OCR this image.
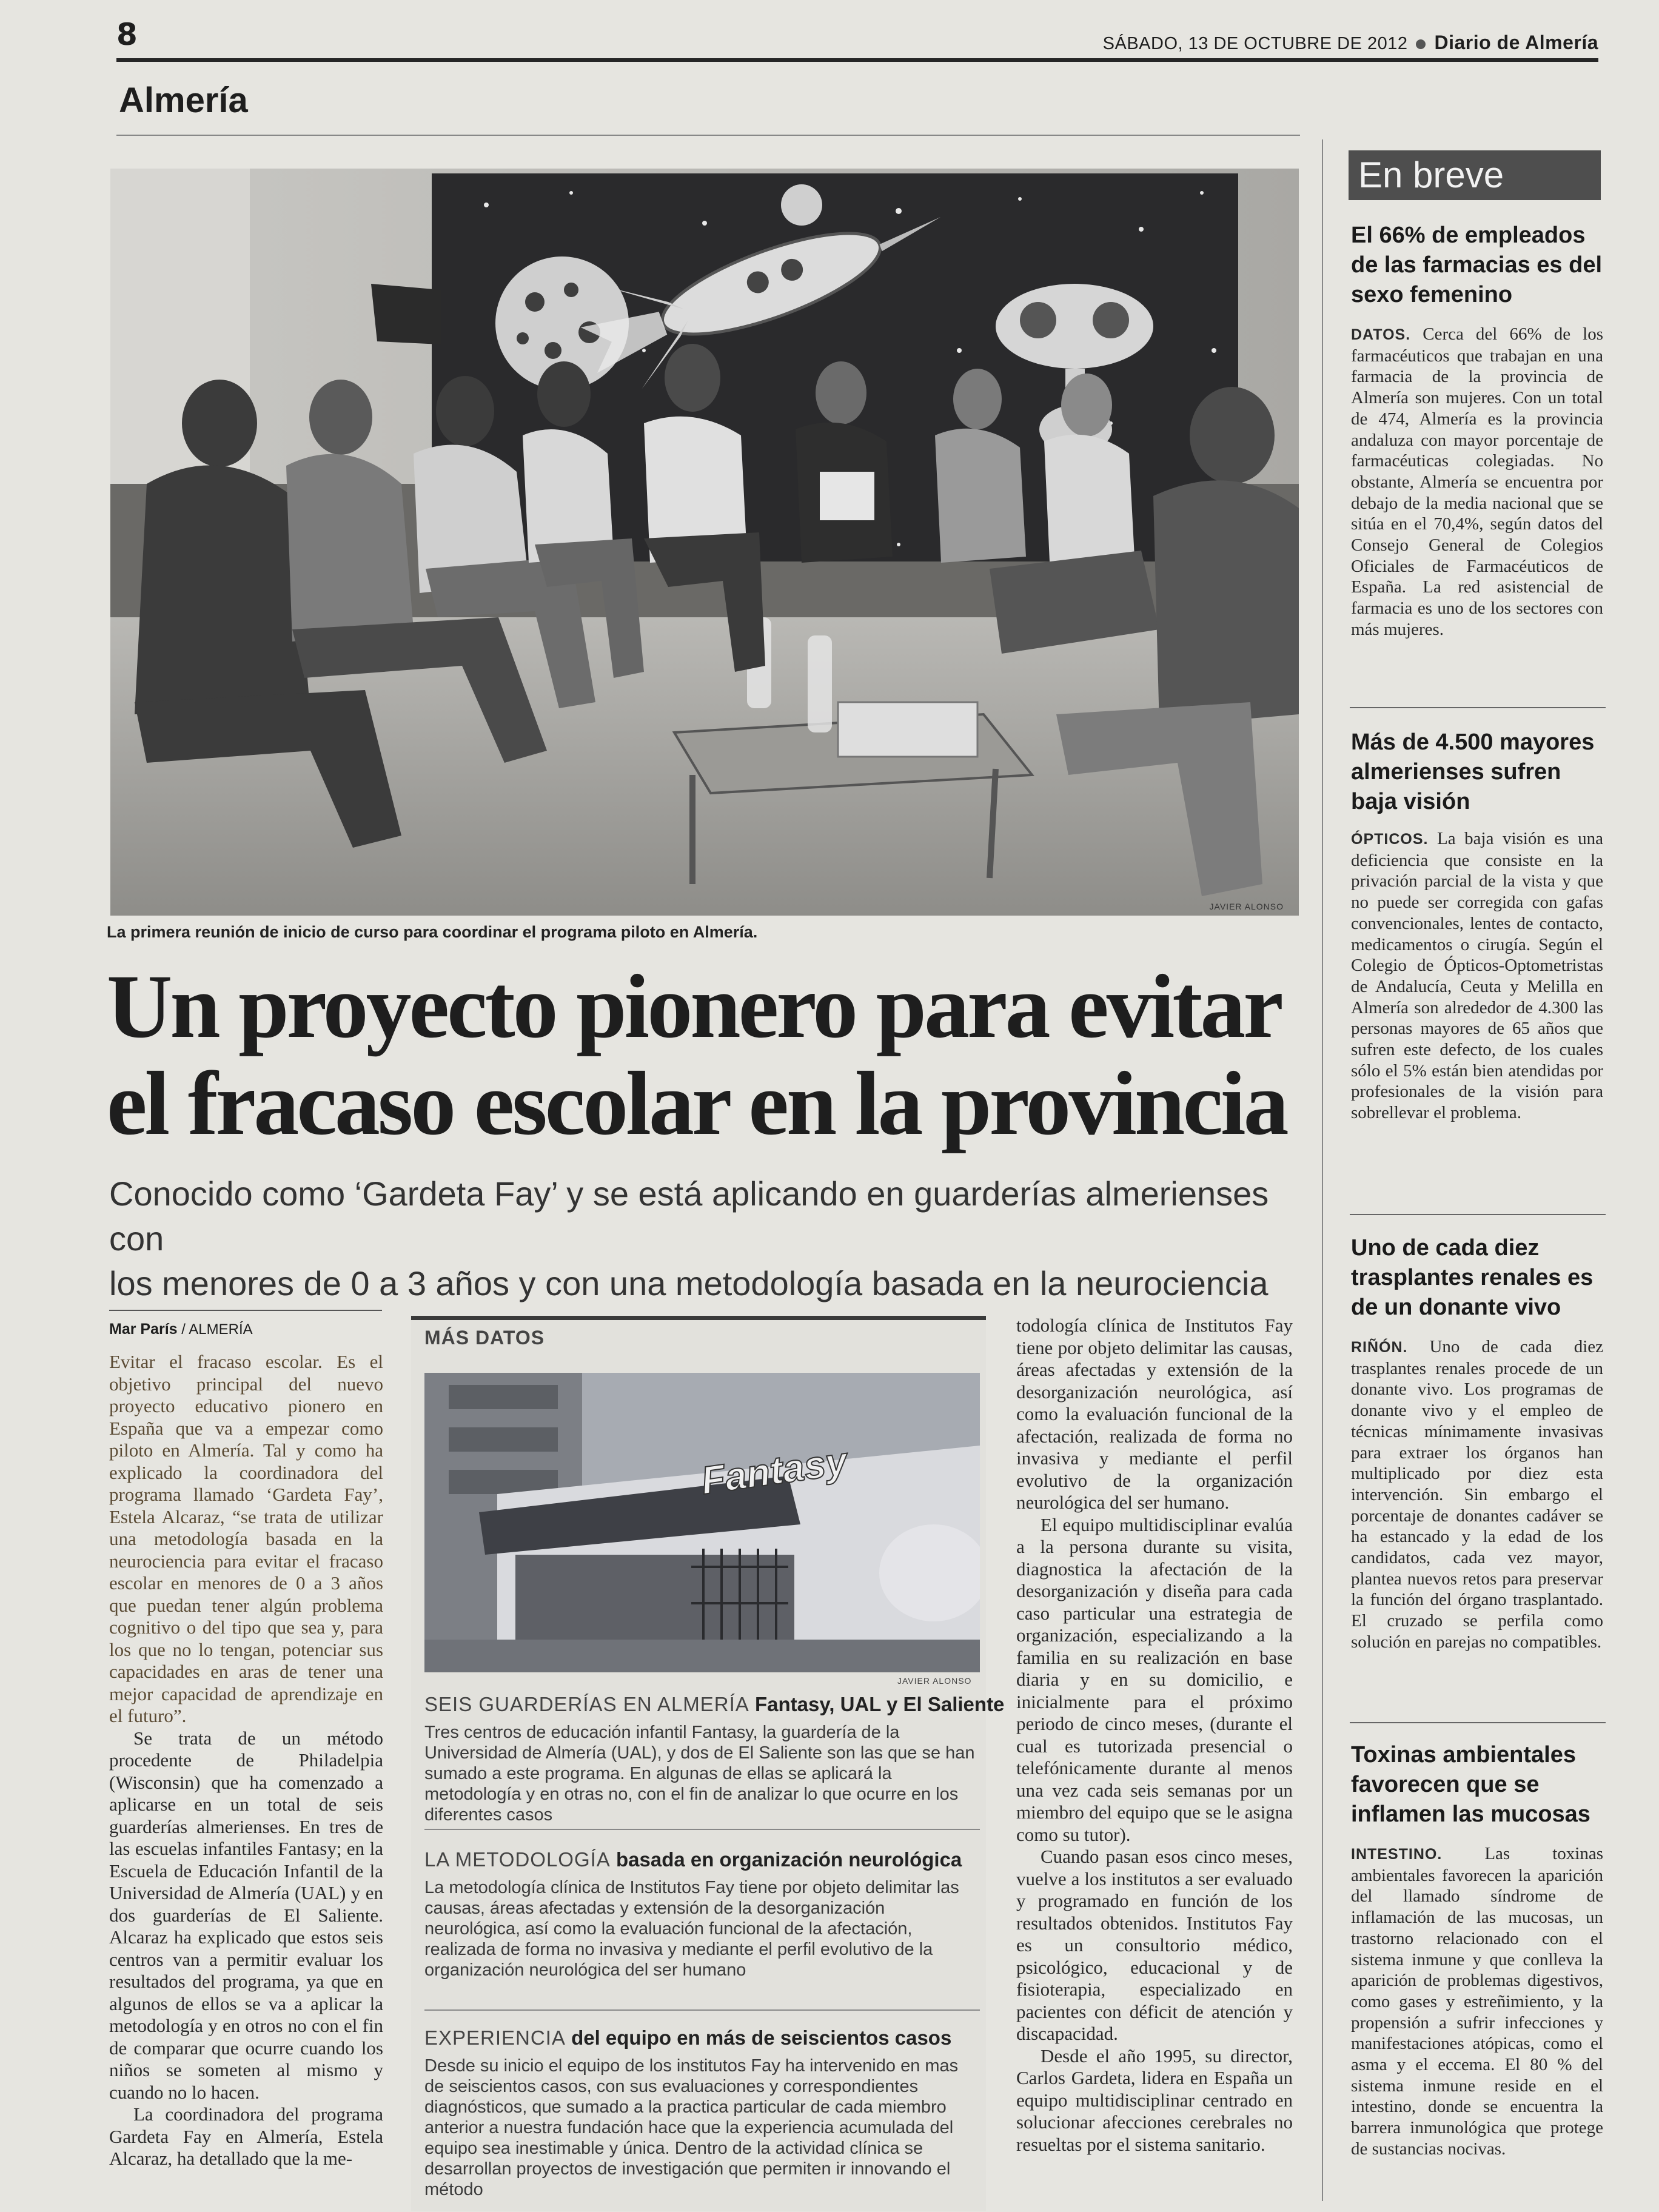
8	SÁBADO, 13 DE OCTUBRE DE 2012 Diario de Almería
Almería
JAVIER ALONSO
La primera reunión de inicio de curso para coordinar el programa piloto en Almería.
Un proyecto pionero para evitar
el fracaso escolar en la provincia
Conocido como ‘Gardeta Fay’ y se está aplicando en guarderías almerienses con
los menores de 0 a 3 años y con una metodología basada en la neurociencia
Mar París / ALMERÍA

Evitar el fracaso escolar. Es el objetivo principal del nuevo proyecto educativo pionero en España que va a empezar como piloto en Almería. Tal y como ha explicado la coordinadora del programa llamado ‘Gardeta Fay’, Estela Alcaraz, “se trata de utilizar una metodología basada en la neurociencia para evitar el fracaso escolar en menores de 0 a 3 años que puedan tener algún problema cognitivo o del tipo que sea y, para los que no lo tengan, potenciar sus capacidades en aras de tener una mejor capacidad de aprendizaje en el futuro”.

Se trata de un método procedente de Philadelpia (Wisconsin) que ha comenzado a aplicarse en un total de seis guarderías almerienses. En tres de las escuelas infantiles Fantasy; en la Escuela de Educación Infantil de la Universidad de Almería (UAL) y en dos guarderías de El Saliente. Alcaraz ha explicado que estos seis centros van a permitir evaluar los resultados del programa, ya que en algunos de ellos se va a aplicar la metodología y en otros no con el fin de comparar que ocurre cuando los niños se someten al mismo y cuando no lo hacen.

La coordinadora del programa Gardeta Fay en Almería, Estela Alcaraz, ha detallado que la me-

MÁS DATOS
Fantasy
JAVIER ALONSO
SEIS GUARDERÍAS EN ALMERÍA Fantasy, UAL y El Saliente
Tres centros de educación infantil Fantasy, la guardería de la Universidad de Almería (UAL), y dos de El Saliente son las que se han sumado a este programa. En algunas de ellas se aplicará la metodología y en otras no, con el fin de analizar lo que ocurre en los diferentes casos
LA METODOLOGÍA basada en organización neurológica
La metodología clínica de Institutos Fay tiene por objeto delimitar las causas, áreas afectadas y extensión de la desorganización neurológica, así como la evaluación funcional de la afectación, realizada de forma no invasiva y mediante el perfil evolutivo de la organización neurológica del ser humano
EXPERIENCIA del equipo en más de seiscientos casos
Desde su inicio el equipo de los institutos Fay ha intervenido en mas de seiscientos casos, con sus evaluaciones y correspondientes diagnósticos, que sumado a la practica particular de cada miembro anterior a nuestra fundación hace que la experiencia acumulada del equipo sea inestimable y única. Dentro de la actividad clínica se desarrollan proyectos de investigación que permiten ir innovando el método

todología clínica de Institutos Fay tiene por objeto delimitar las causas, áreas afectadas y extensión de la desorganización neurológica, así como la evaluación funcional de la afectación, realizada de forma no invasiva y mediante el perfil evolutivo de la organización neurológica del ser humano.

El equipo multidisciplinar evalúa a la persona durante su visita, diagnostica la afectación de la desorganización y diseña para cada caso particular una estrategia de organización, especializando a la familia en su realización en base diaria y en su domicilio, e inicialmente para el próximo periodo de cinco meses, (durante el cual es tutorizada presencial o telefónicamente durante al menos una vez cada seis semanas por un miembro del equipo que se le asigna como su tutor).

Cuando pasan esos cinco meses, vuelve a los institutos a ser evaluado y programado en función de los resultados obtenidos. Institutos Fay es un consultorio médico, psicológico, educacional y de fisioterapia, especializado en pacientes con déficit de atención y discapacidad.

Desde el año 1995, su director, Carlos Gardeta, lidera en España un equipo multidisciplinar centrado en solucionar afecciones cerebrales no resueltas por el sistema sanitario.

En breve
El 66% de empleados de las farmacias es del sexo femenino
DATOS. Cerca del 66% de los farmacéuticos que trabajan en una farmacia de la provincia de Almería son mujeres. Con un total de 474, Almería es la provincia andaluza con mayor porcentaje de farmacéuticas colegiadas. No obstante, Almería se encuentra por debajo de la media nacional que se sitúa en el 70,4%, según datos del Consejo General de Colegios Oficiales de Farmacéuticos de España. La red asistencial de farmacia es uno de los sectores con más mujeres.
Más de 4.500 mayores almerienses sufren baja visión
ÓPTICOS. La baja visión es una deficiencia que consiste en la privación parcial de la vista y que no puede ser corregida con gafas convencionales, lentes de contacto, medicamentos o cirugía. Según el Colegio de Ópticos-Optometristas de Andalucía, Ceuta y Melilla en Almería son alrededor de 4.300 las personas mayores de 65 años que sufren este defecto, de los cuales sólo el 5% están bien atendidas por profesionales de la visión para sobrellevar el problema.
Uno de cada diez trasplantes renales es de un donante vivo
RIÑÓN. Uno de cada diez trasplantes renales procede de un donante vivo. Los programas de donante vivo y el empleo de técnicas mínimamente invasivas para extraer los órganos han multiplicado por diez esta intervención. Sin embargo el porcentaje de donantes cadáver se ha estancado y la edad de los candidatos, cada vez mayor, plantea nuevos retos para preservar la función del órgano trasplantado. El cruzado se perfila como solución en parejas no compatibles.
Toxinas ambientales favorecen que se inflamen las mucosas
INTESTINO. Las toxinas ambientales favorecen la aparición del llamado síndrome de inflamación de las mucosas, un trastorno relacionado con el sistema inmune y que conlleva la aparición de problemas digestivos, como gases y estreñimiento, y la propensión a sufrir infecciones y manifestaciones atópicas, como el asma y el eccema. El 80 % del sistema inmune reside en el intestino, donde se encuentra la barrera inmunológica que protege de sustancias nocivas.
